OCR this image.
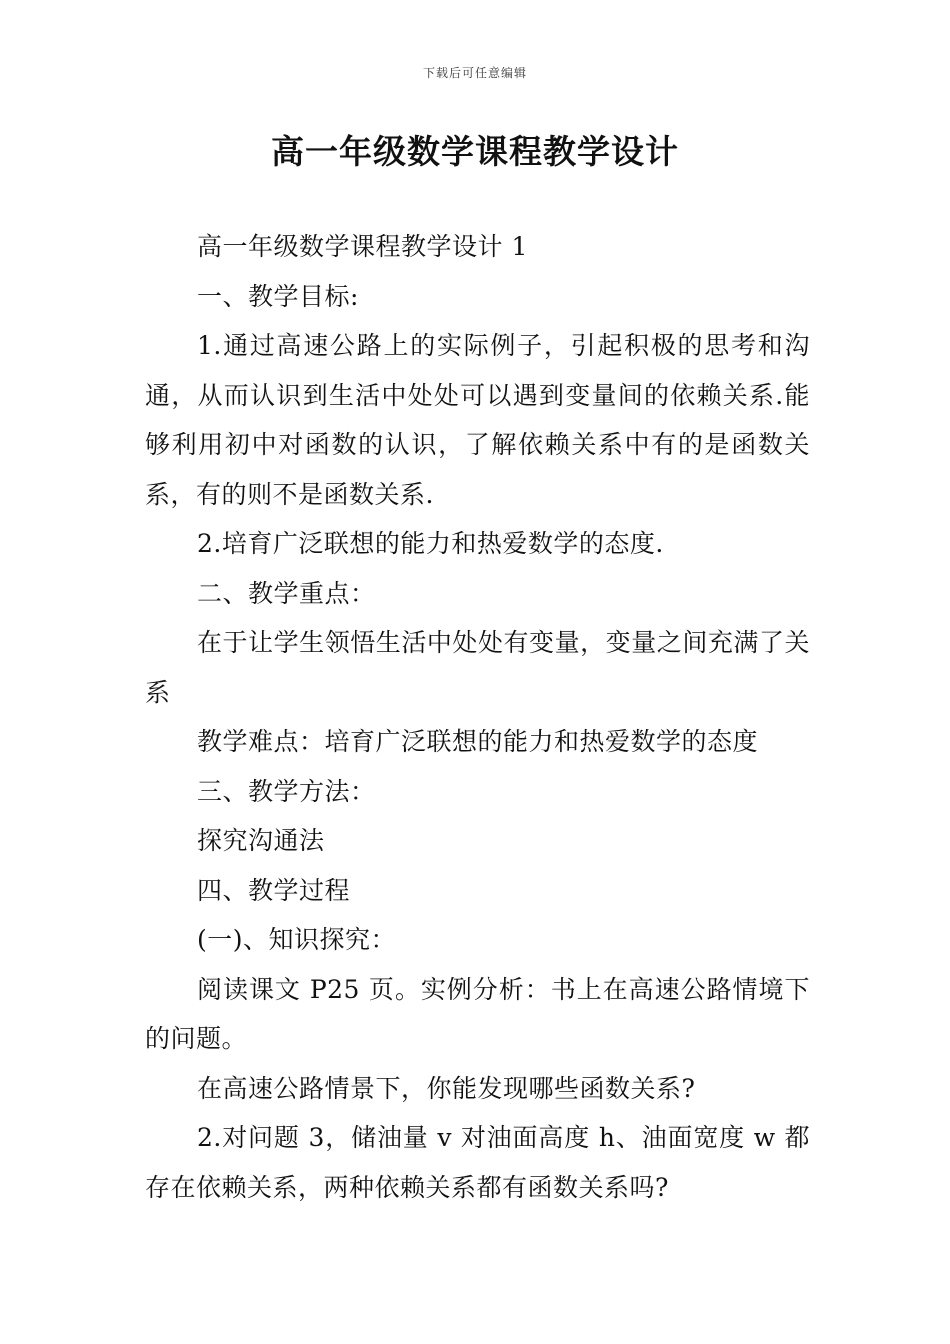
下载后可任意编辑
高一年级数学课程教学设计

高一年级数学课程教学设计 1

一、教学目标:

1.通过高速公路上的实际例子，引起积极的思考和沟通，从而认识到生活中处处可以遇到变量间的依赖关系.能够利用初中对函数的认识，了解依赖关系中有的是函数关系，有的则不是函数关系.

2.培育广泛联想的能力和热爱数学的态度.

二、教学重点：

在于让学生领悟生活中处处有变量，变量之间充满了关系

教学难点：培育广泛联想的能力和热爱数学的态度

三、教学方法：

探究沟通法

四、教学过程

(一)、知识探究：

阅读课文 P25 页。实例分析：书上在高速公路情境下的问题。

在高速公路情景下，你能发现哪些函数关系?

2.对问题 3，储油量 v 对油面高度 h、油面宽度 w 都存在依赖关系，两种依赖关系都有函数关系吗?
